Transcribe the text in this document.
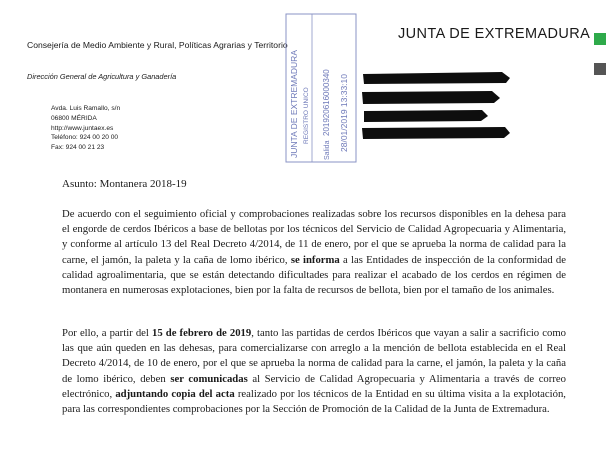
Consejería de Medio Ambiente y Rural, Políticas Agrarias y Territorio
Dirección General de Agricultura y Ganadería
Avda. Luis Ramallo, s/n
06800 MÉRIDA
http://www.juntaex.es
Teléfono: 924 00 20 00
Fax: 924 00 21 23
JUNTA DE EXTREMADURA
JUNTA DE EXTREMADURA REGISTRO UNICO
Salida
201920616000340 28/01/2019 13:33:10
Asunto: Montanera 2018-19

De acuerdo con el seguimiento oficial y comprobaciones realizadas sobre los recursos disponibles en la dehesa para el engorde de cerdos Ibéricos a base de bellotas por los técnicos del Servicio de Calidad Agropecuaria y Alimentaria, y conforme al artículo 13 del Real Decreto 4/2014, de 11 de enero, por el que se aprueba la norma de calidad para la carne, el jamón, la paleta y la caña de lomo ibérico, se informa a las Entidades de inspección de la conformidad de calidad agroalimentaria, que se están detectando dificultades para realizar el acabado de los cerdos en régimen de montanera en numerosas explotaciones, bien por la falta de recursos de bellota, bien por el tamaño de los animales.

Por ello, a partir del 15 de febrero de 2019, tanto las partidas de cerdos Ibéricos que vayan a salir a sacrificio como las que aún queden en las dehesas, para comercializarse con arreglo a la mención de bellota establecida en el Real Decreto 4/2014, de 10 de enero, por el que se aprueba la norma de calidad para la carne, el jamón, la paleta y la caña de lomo ibérico, deben ser comunicadas al Servicio de Calidad Agropecuaria y Alimentaria a través de correo electrónico, adjuntando copia del acta realizado por los técnicos de la Entidad en su última visita a la explotación, para las correspondientes comprobaciones por la Sección de Promoción de la Calidad de la Junta de Extremadura.
